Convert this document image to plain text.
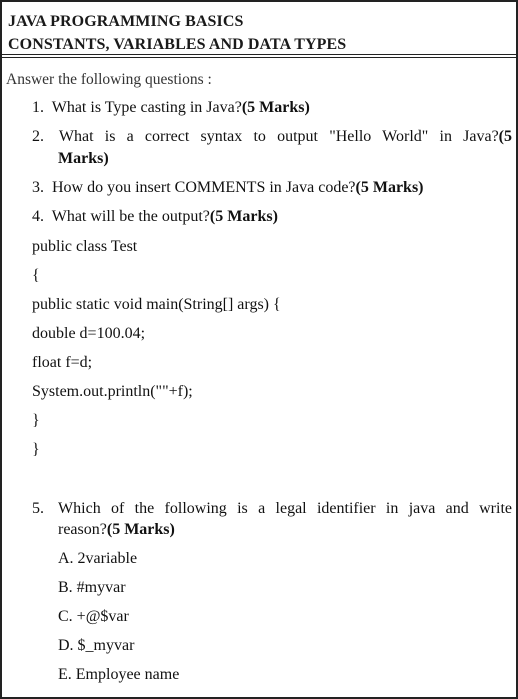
JAVA PROGRAMMING BASICS
CONSTANTS, VARIABLES AND DATA TYPES
Answer the following questions :
1. What is Type casting in Java?(5 Marks)
2. What is a correct syntax to output "Hello World" in Java?(5
Marks)
3. How do you insert COMMENTS in Java code?(5 Marks)
4. What will be the output?(5 Marks)
public class Test
{
public static void main(String[] args) {
double d=100.04;
float f=d;
System.out.println(""+f);
}
}
5. Which of the following is a legal identifier in java and write
reason?(5 Marks)
A. 2variable
B. #myvar
C. +@$var
D. $_myvar
E. Employee name
